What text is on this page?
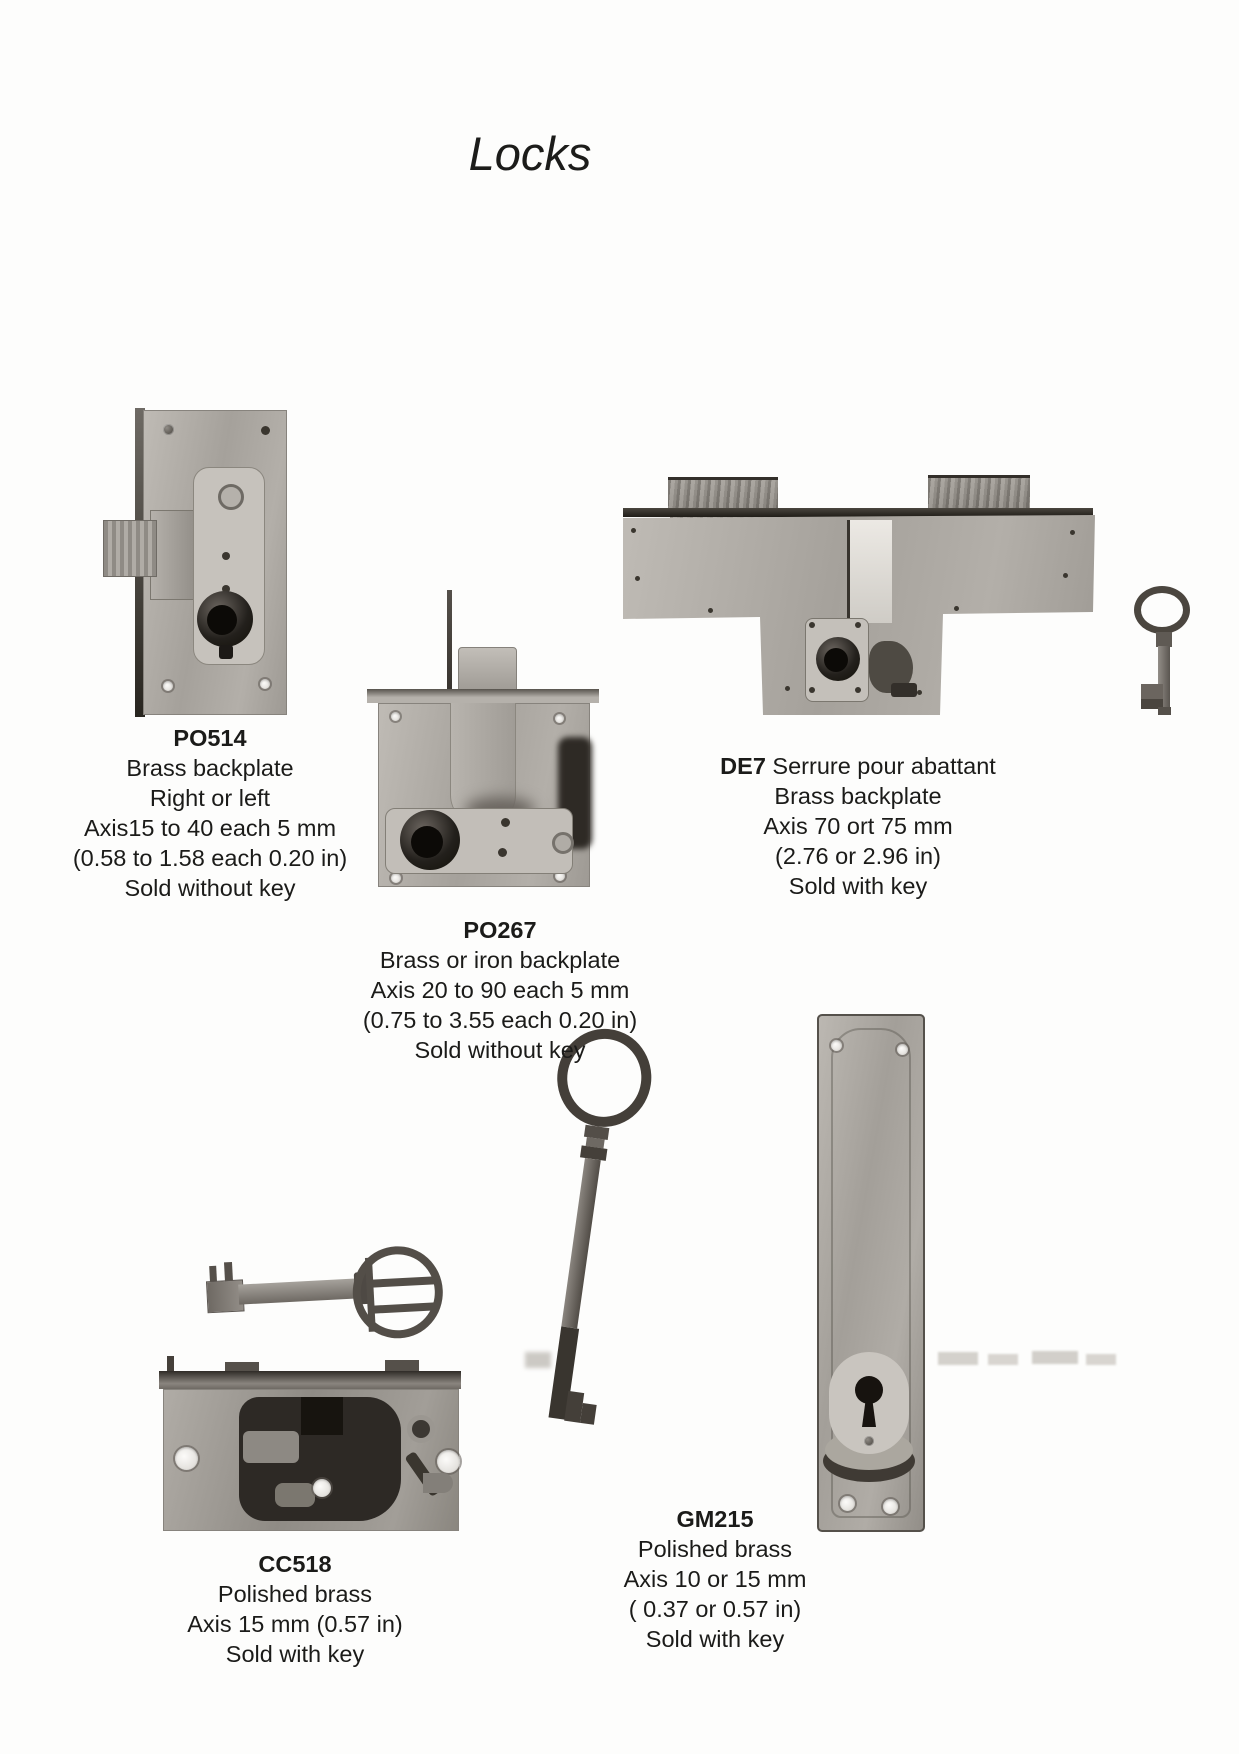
Locks
PO514
Brass backplate
Right or left
Axis15 to 40 each 5 mm
(0.58 to 1.58 each 0.20 in)
Sold without key
PO267
Brass or iron backplate
Axis 20 to 90 each 5 mm
(0.75 to 3.55 each 0.20 in)
Sold without key
DE7 Serrure pour abattant
Brass backplate
Axis 70 ort 75 mm
(2.76 or 2.96 in)
Sold with key
CC518
Polished brass
Axis 15 mm (0.57 in)
Sold with key
GM215
Polished brass
Axis 10 or 15 mm
( 0.37 or 0.57 in)
Sold with key
